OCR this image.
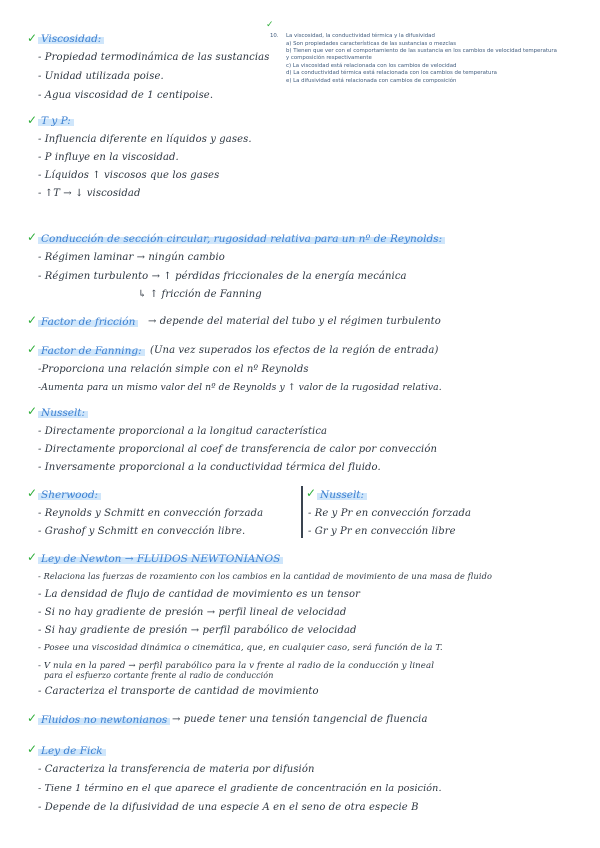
✓
10. La viscosidad, la conductividad térmica y la difusividad
a) Son propiedades características de las sustancias o mezclas
b) Tienen que ver con el comportamiento de las sustancia en los cambios de velocidad temperatura
y composición respectivamente
c) La viscosidad está relacionada con los cambios de velocidad
d) La conductividad térmica está relacionada con los cambios de temperatura
e) La difusividad está relacionada con cambios de composición
✓ Viscosidad:
- Propiedad termodinámica de las sustancias
- Unidad utilizada poise.
- Agua viscosidad de 1 centipoise.
✓ T y P:
- Influencia diferente en líquidos y gases.
- P influye en la viscosidad.
- Líquidos ↑ viscosos que los gases
- ↑T → ↓ viscosidad
✓ Conducción de sección circular, rugosidad relativa para un nº de Reynolds:
- Régimen laminar → ningún cambio
- Régimen turbulento → ↑ pérdidas friccionales de la energía mecánica
↳ ↑ fricción de Fanning
✓ Factor de fricción	→ depende del material del tubo y el régimen turbulento
✓ Factor de Fanning: (Una vez superados los efectos de la región de entrada)
-Proporciona una relación simple con el nº Reynolds
-Aumenta para un mismo valor del nº de Reynolds y ↑ valor de la rugosidad relativa.
✓ Nusselt:
- Directamente proporcional a la longitud característica
- Directamente proporcional al coef de transferencia de calor por convección
- Inversamente proporcional a la conductividad térmica del fluido.
✓ Sherwood:
- Reynolds y Schmitt en convección forzada
- Grashof y Schmitt en convección libre.
✓ Nusselt:
- Re y Pr en convección forzada
- Gr y Pr en convección libre
✓ Ley de Newton → FLUIDOS NEWTONIANOS
- Relaciona las fuerzas de rozamiento con los cambios en la cantidad de movimiento de una masa de fluido
- La densidad de flujo de cantidad de movimiento es un tensor
- Si no hay gradiente de presión → perfil lineal de velocidad
- Si hay gradiente de presión → perfil parabólico de velocidad
- Posee una viscosidad dinámica o cinemática, que, en cualquier caso, será función de la T.
- V nula en la pared → perfil parabólico para la v frente al radio de la conducción y lineal
para el esfuerzo cortante frente al radio de conducción
- Caracteriza el transporte de cantidad de movimiento
✓ Fluidos no newtonianos → puede tener una tensión tangencial de fluencia
✓ Ley de Fick
- Caracteriza la transferencia de materia por difusión
- Tiene 1 término en el que aparece el gradiente de concentración en la posición.
- Depende de la difusividad de una especie A en el seno de otra especie B
